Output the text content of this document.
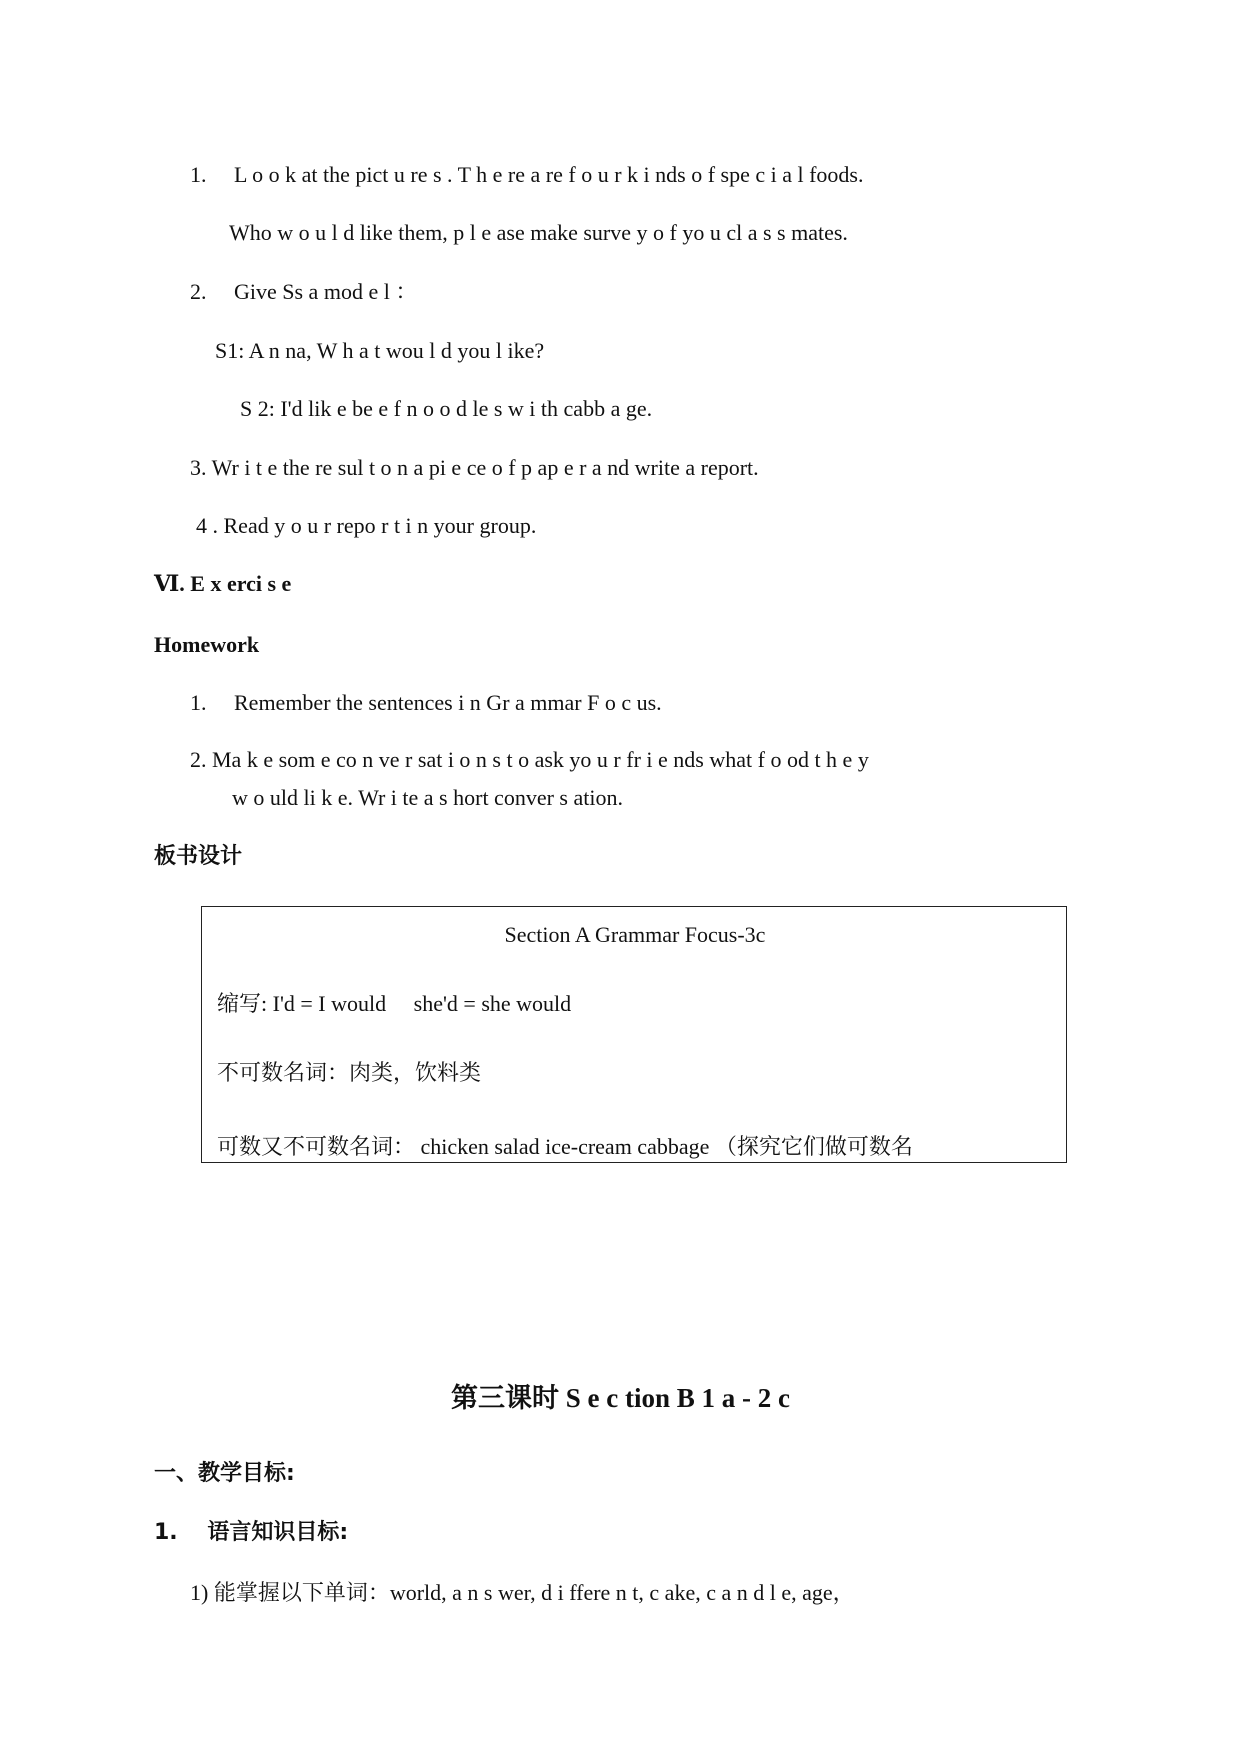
1.  L o o k at the pict u re s . T h e re a re f o u r k i nds o f spe c i a l foods.
Who w o u l d like them, p l e ase make surve y o f yo u cl a s s mates.
2.  Give Ss a mod e l ：
S1: A n na, W h a t wou l d you l ike?
S 2: I'd lik e be e f n o o d le s w i th cabb a ge.
3. Wr i t e the re sul t o n a pi e ce o f p ap e r a nd write a report.
4 . Read y o u r repo r t i n your group.
Ⅵ. E x erci s e
Homework
1.  Remember the sentences i n Gr a mmar F o c us.
2. Ma k e som e co n ve r sat i o n s t o ask yo u r fr i e nds what f o od t h e y
w o uld li k e. Wr i te a s hort conver s ation.
板书设计
Section A Grammar Focus-3c
缩写: I'd = I would  she'd = she would
不可数名词：肉类，饮料类
可数又不可数名词： chicken salad ice-cream cabbage （探究它们做可数名
第三课时 S e c tion B 1 a - 2 c
一、教学目标:
1.  语言知识目标:
1) 能掌握以下单词：world, a n s wer, d i ffere n t, c ake, c a n d l e, age，
